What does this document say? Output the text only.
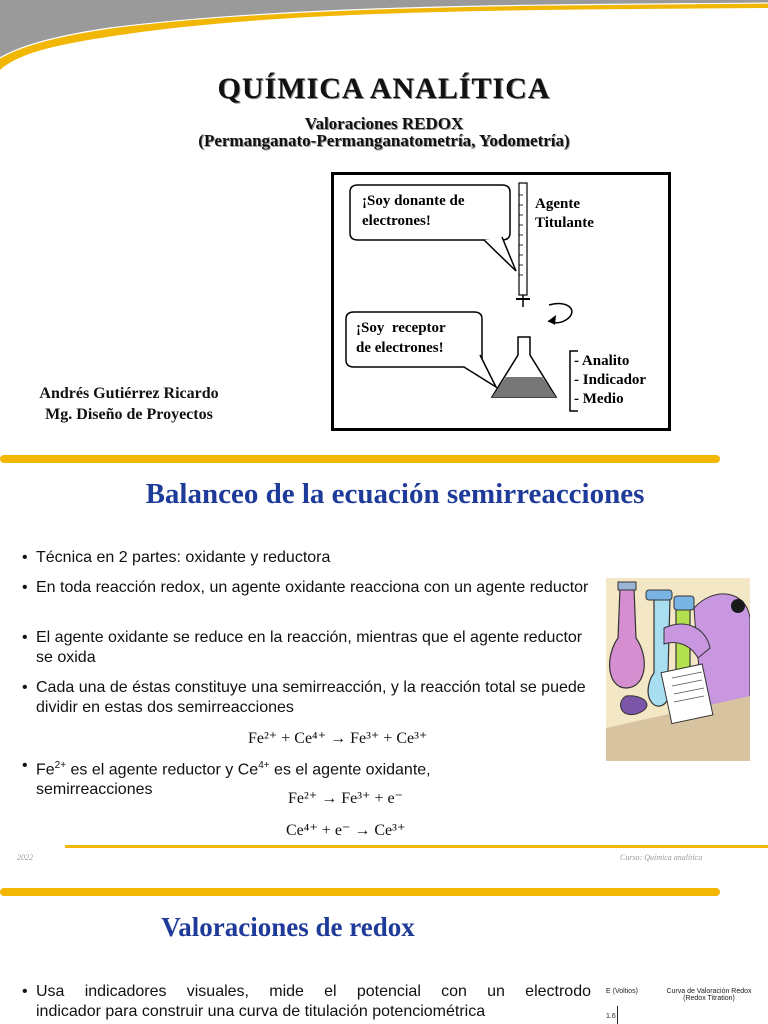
QUÍMICA ANALÍTICA
Valoraciones REDOX
(Permanganato-Permanganatometría, Yodometría)
¡Soy donante de
electrones!
Agente
Titulante
¡Soy  receptor
de electrones!
- Analito
- Indicador
- Medio
Andrés Gutiérrez Ricardo
Mg. Diseño de Proyectos
Balanceo de la ecuación semirreacciones
• Técnica en 2 partes: oxidante y reductora
• En toda reacción redox, un agente oxidante reacciona con un agente reductor
• El agente oxidante se reduce en la reacción, mientras que el agente reductor se oxida
• Cada una de éstas constituye una semirreacción, y la reacción total se puede dividir en estas dos semirreacciones
Fe²⁺ + Ce⁴⁺ → Fe³⁺ + Ce³⁺
• $Fe^{2+}$ es el agente reductor y $Ce^{4+}$ es el agente oxidante,
semirreacciones
Fe²⁺ → Fe³⁺ + e⁻
Ce⁴⁺ + e⁻ → Ce³⁺
2022	Curso: Química analítica
Valoraciones de redox
• Usa indicadores visuales, mide el potencial con un electrodo
indicador para construir una curva de titulación potenciométrica
E (Voltios)	Curva de Valoración Redox
(Redox Titration)
1.6
